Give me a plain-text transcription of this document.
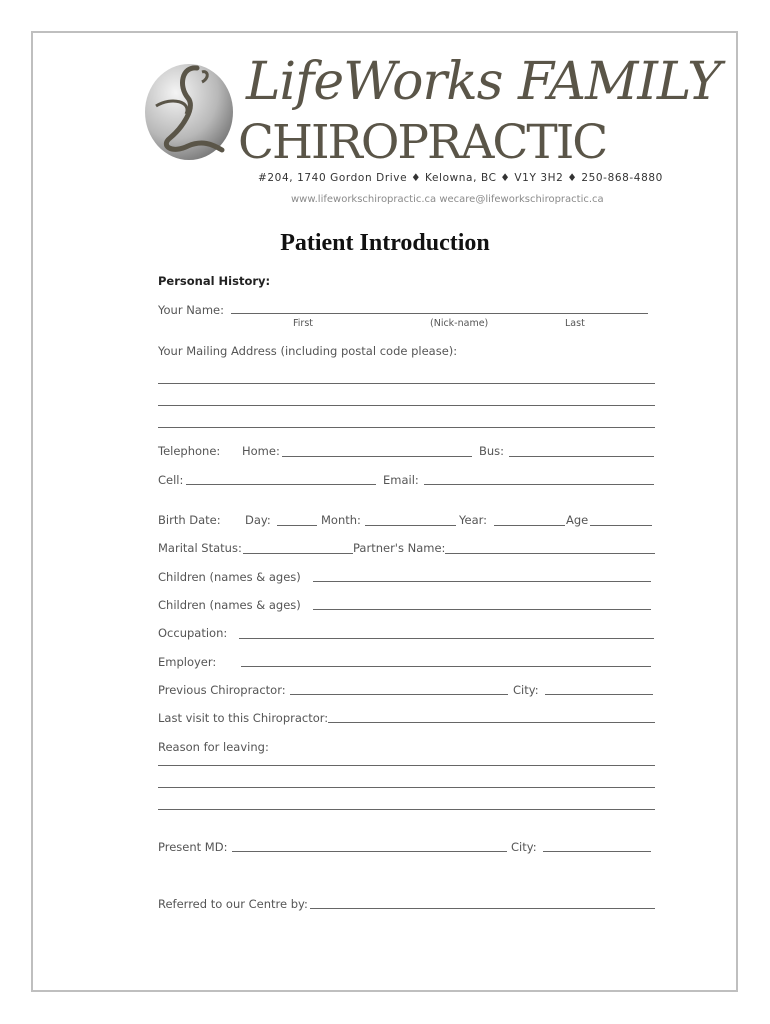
LifeWorks FAMILY
CHIROPRACTIC
#204, 1740 Gordon Drive ♦ Kelowna, BC ♦ V1Y 3H2 ♦ 250-868-4880
www.lifeworkschiropractic.ca wecare@lifeworkschiropractic.ca
Patient Introduction
Personal History:
Your Name:
First	(Nick-name)	Last
Your Mailing Address (including postal code please):
Telephone: Home:	Bus:
Cell:	Email:
Birth Date: Day:	Month:	Year:	Age
Marital Status:	Partner's Name:
Children (names & ages)
Children (names & ages)
Occupation:
Employer:
Previous Chiropractor:	City:
Last visit to this Chiropractor:
Reason for leaving:
Present MD:	City:
Referred to our Centre by:
